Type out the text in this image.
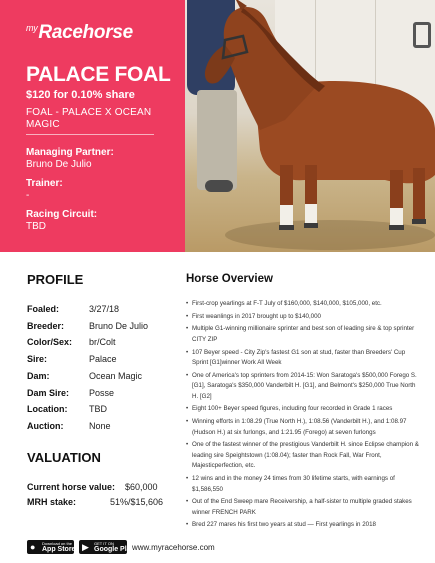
$^{my}$Racehorse
PALACE FOAL
$120 for 0.10% share
FOAL - PALACE X OCEAN MAGIC
Managing Partner:
Bruno De Julio
Trainer:
-
Racing Circuit:
TBD
PROFILE
Foaled:	3/27/18
Breeder:	Bruno De Julio
Color/Sex: br/Colt
Sire:	Palace
Dam:	Ocean Magic
Dam Sire: Posse
Location: TBD
Auction:	None
VALUATION
Current horse value: $60,000
MRH stake:	51%/$15,606
Horse Overview
• First-crop yearlings at F-T July of $160,000, $140,000, $105,000, etc.
• First weanlings in 2017 brought up to $140,000
• Multiple G1-winning millionaire sprinter and best son of leading sire & top sprinter CITY ZIP
• 107 Beyer speed - City Zip's fastest G1 son at stud, faster than Breeders' Cup Sprint [G1]winner Work All Week
• One of America's top sprinters from 2014-15: Won Saratoga's $500,000 Forego S. [G1], Saratoga's $350,000 Vanderbilt H. [G1], and Belmont's $250,000 True North H. [G2]
• Eight 100+ Beyer speed figures, including four recorded in Grade 1 races
• Winning efforts in 1:08.29 (True North H.), 1:08.56 (Vanderbilt H.), and 1:08.97 (Hudson H.) at six furlongs, and 1:21.95 (Forego) at seven furlongs
• One of the fastest winner of the prestigious Vanderbilt H. since Eclipse champion & leading sire Speightstown (1:08.04); faster than Rock Fall, War Front, Majesticperfection, etc.
• 12 wins and in the money 24 times from 30 lifetime starts, with earnings of $1,586,550
• Out of the End Sweep mare Receivership, a half-sister to multiple graded stakes winner FRENCH PARK
• Bred 227 mares his first two years at stud — First yearlings in 2018
● Download on the
App Store ▶ GET IT ON
Google Play
www.myracehorse.com
